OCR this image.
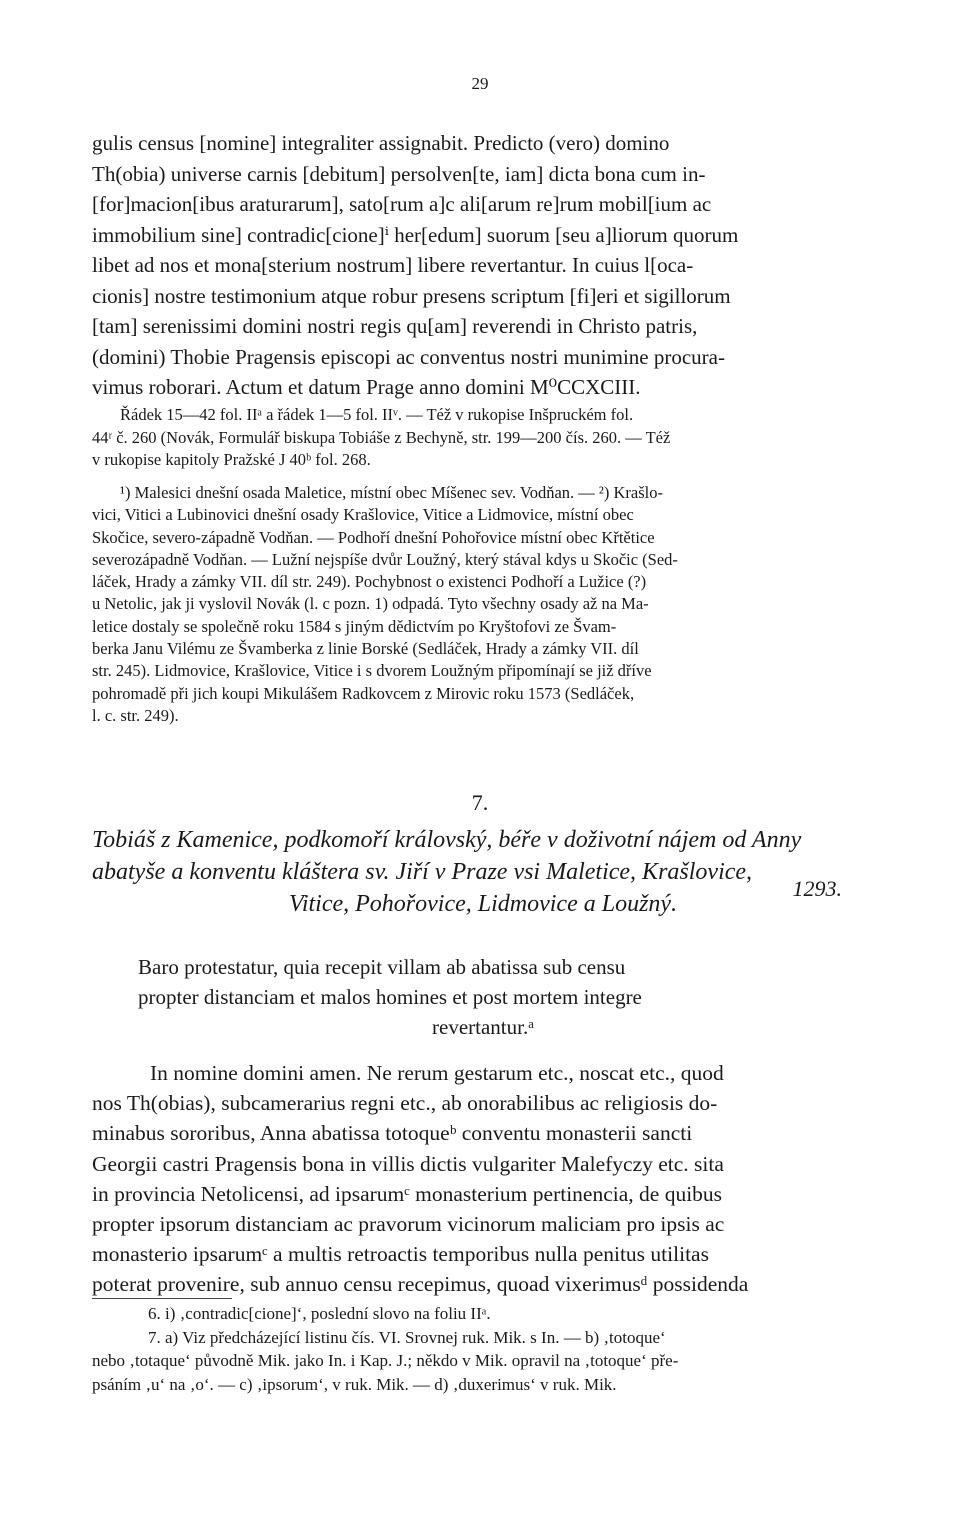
29

gulis census [nomine] integraliter assignabit. Predicto (vero) domino

Th(obia) universe carnis [debitum] persolven[te, iam] dicta bona cum in-

[for]macion[ibus araturarum], sato[rum a]c ali[arum re]rum mobil[ium ac

immobilium sine] contradic[cione]ⁱ her[edum] suorum [seu a]liorum quorum

libet ad nos et mona[sterium nostrum] libere revertantur. In cuius l[oca-

cionis] nostre testimonium atque robur presens scriptum [fi]eri et sigillorum

[tam] serenissimi domini nostri regis qu[am] reverendi in Christo patris,

(domini) Thobie Pragensis episcopi ac conventus nostri munimine procura-

vimus roborari. Actum et datum Prage anno domini M⁰CCXCIII.

Řádek 15—42 fol. IIᵃ a řádek 1—5 fol. IIᵛ. — Též v rukopise Inšpruckém fol.

44ʳ č. 260 (Novák, Formulář biskupa Tobiáše z Bechyně, str. 199—200 čís. 260. — Též

v rukopise kapitoly Pražské J 40ᵇ fol. 268.

¹) Malesici dnešní osada Maletice, místní obec Míšenec sev. Vodňan. — ²) Krašlo-

vici, Vitici a Lubinovici dnešní osady Krašlovice, Vitice a Lidmovice, místní obec

Skočice, severo-západně Vodňan. — Podhoří dnešní Pohořovice místní obec Křtětice

severozápadně Vodňan. — Lužní nejspíše dvůr Loužný, který stával kdys u Skočic (Sed-

láček, Hrady a zámky VII. díl str. 249). Pochybnost o existenci Podhoří a Lužice (?)

u Netolic, jak ji vyslovil Novák (l. c pozn. 1) odpadá. Tyto všechny osady až na Ma-

letice dostaly se společně roku 1584 s jiným dědictvím po Kryštofovi ze Švam-

berka Janu Vilému ze Švamberka z linie Borské (Sedláček, Hrady a zámky VII. díl

str. 245). Lidmovice, Krašlovice, Vitice i s dvorem Loužným připomínají se již dříve

pohromadě při jich koupi Mikulášem Radkovcem z Mirovic roku 1573 (Sedláček,

l. c. str. 249).

7.

Tobiáš z Kamenice, podkomoří královský, béře v doživotní nájem od Anny

abatyše a konventu kláštera sv. Jiří v Praze vsi Maletice, Krašlovice,

Vitice, Pohořovice, Lidmovice a Loužný.

1293.

Baro protestatur, quia recepit villam ab abatissa sub censu

propter distanciam et malos homines et post mortem integre

revertantur.ᵃ

In nomine domini amen. Ne rerum gestarum etc., noscat etc., quod

nos Th(obias), subcamerarius regni etc., ab onorabilibus ac religiosis do-

minabus sororibus, Anna abatissa totoqueᵇ conventu monasterii sancti

Georgii castri Pragensis bona in villis dictis vulgariter Malefyczy etc. sita

in provincia Netolicensi, ad ipsarumᶜ monasterium pertinencia, de quibus

propter ipsorum distanciam ac pravorum vicinorum maliciam pro ipsis ac

monasterio ipsarumᶜ a multis retroactis temporibus nulla penitus utilitas

poterat provenire, sub annuo censu recepimus, quoad vixerimusᵈ possidenda

6. i) ‚contradic[cione]‘, poslední slovo na foliu IIᵃ.

7. a) Viz předcházející listinu čís. VI. Srovnej ruk. Mik. s In. — b) ‚totoque‘

nebo ‚totaque‘ původně Mik. jako In. i Kap. J.; někdo v Mik. opravil na ‚totoque‘ pře-

psáním ‚u‘ na ‚o‘. — c) ‚ipsorum‘, v ruk. Mik. — d) ‚duxerimus‘ v ruk. Mik.
